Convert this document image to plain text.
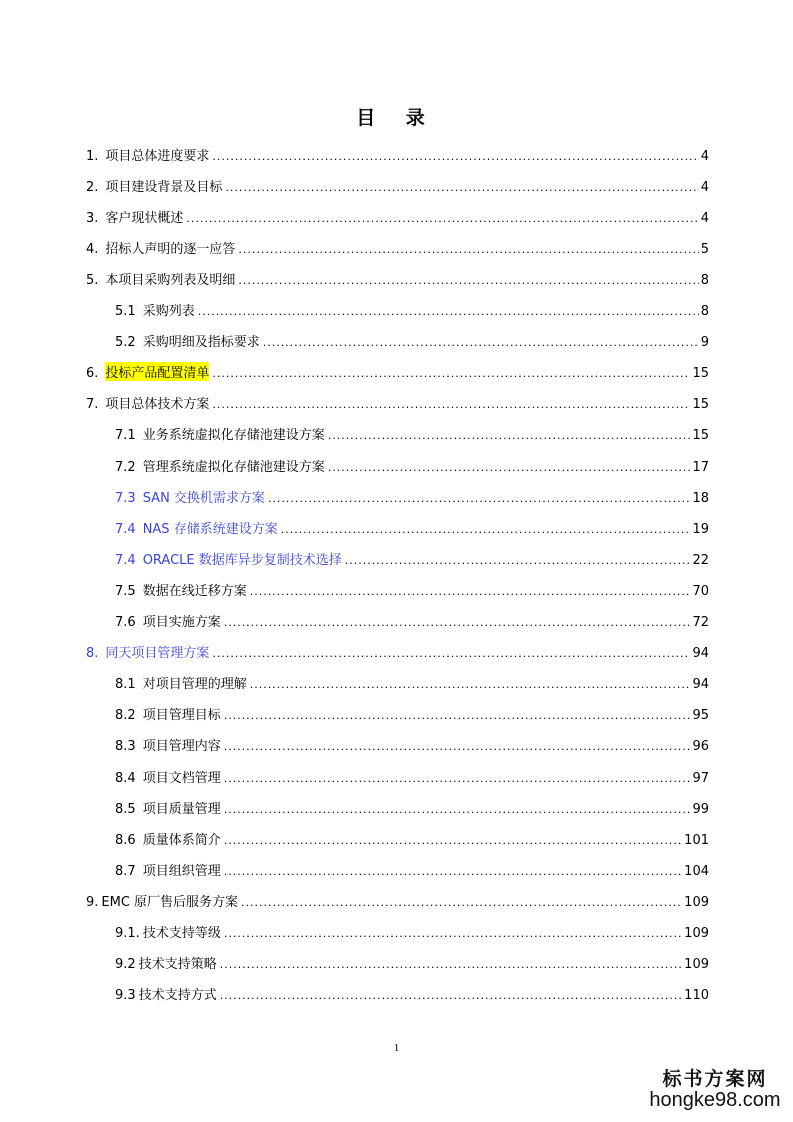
目 录
1. 项目总体进度要求 .....	4
2. 项目建设背景及目标 .....	4
3. 客户现状概述 .....	4
4. 招标人声明的逐一应答 .....	5
5. 本项目采购列表及明细 .....	8
5.1 采购列表 .....	8
5.2 采购明细及指标要求 .....	9
6. 投标产品配置清单 .....	15
7. 项目总体技术方案 .....	15
7.1 业务系统虚拟化存储池建设方案 .....	15
7.2 管理系统虚拟化存储池建设方案 .....	17
7.3 SAN 交换机需求方案 .....	18
7.4 NAS 存储系统建设方案 .....	19
7.4 ORACLE 数据库异步复制技术选择 .....	22
7.5 数据在线迁移方案 .....	70
7.6 项目实施方案 .....	72
8. 同天项目管理方案 .....	94
8.1 对项目管理的理解 .....	94
8.2 项目管理目标 .....	95
8.3 项目管理内容 .....	96
8.4 项目文档管理 .....	97
8.5 项目质量管理 .....	99
8.6 质量体系简介 .....	101
8.7 项目组织管理 .....	104
9. EMC 原厂售后服务方案 .....	109
9.1. 技术支持等级 .....	109
9.2 技术支持策略 .....	109
9.3 技术支持方式 .....	110
1
标书方案网
hongke98.com
